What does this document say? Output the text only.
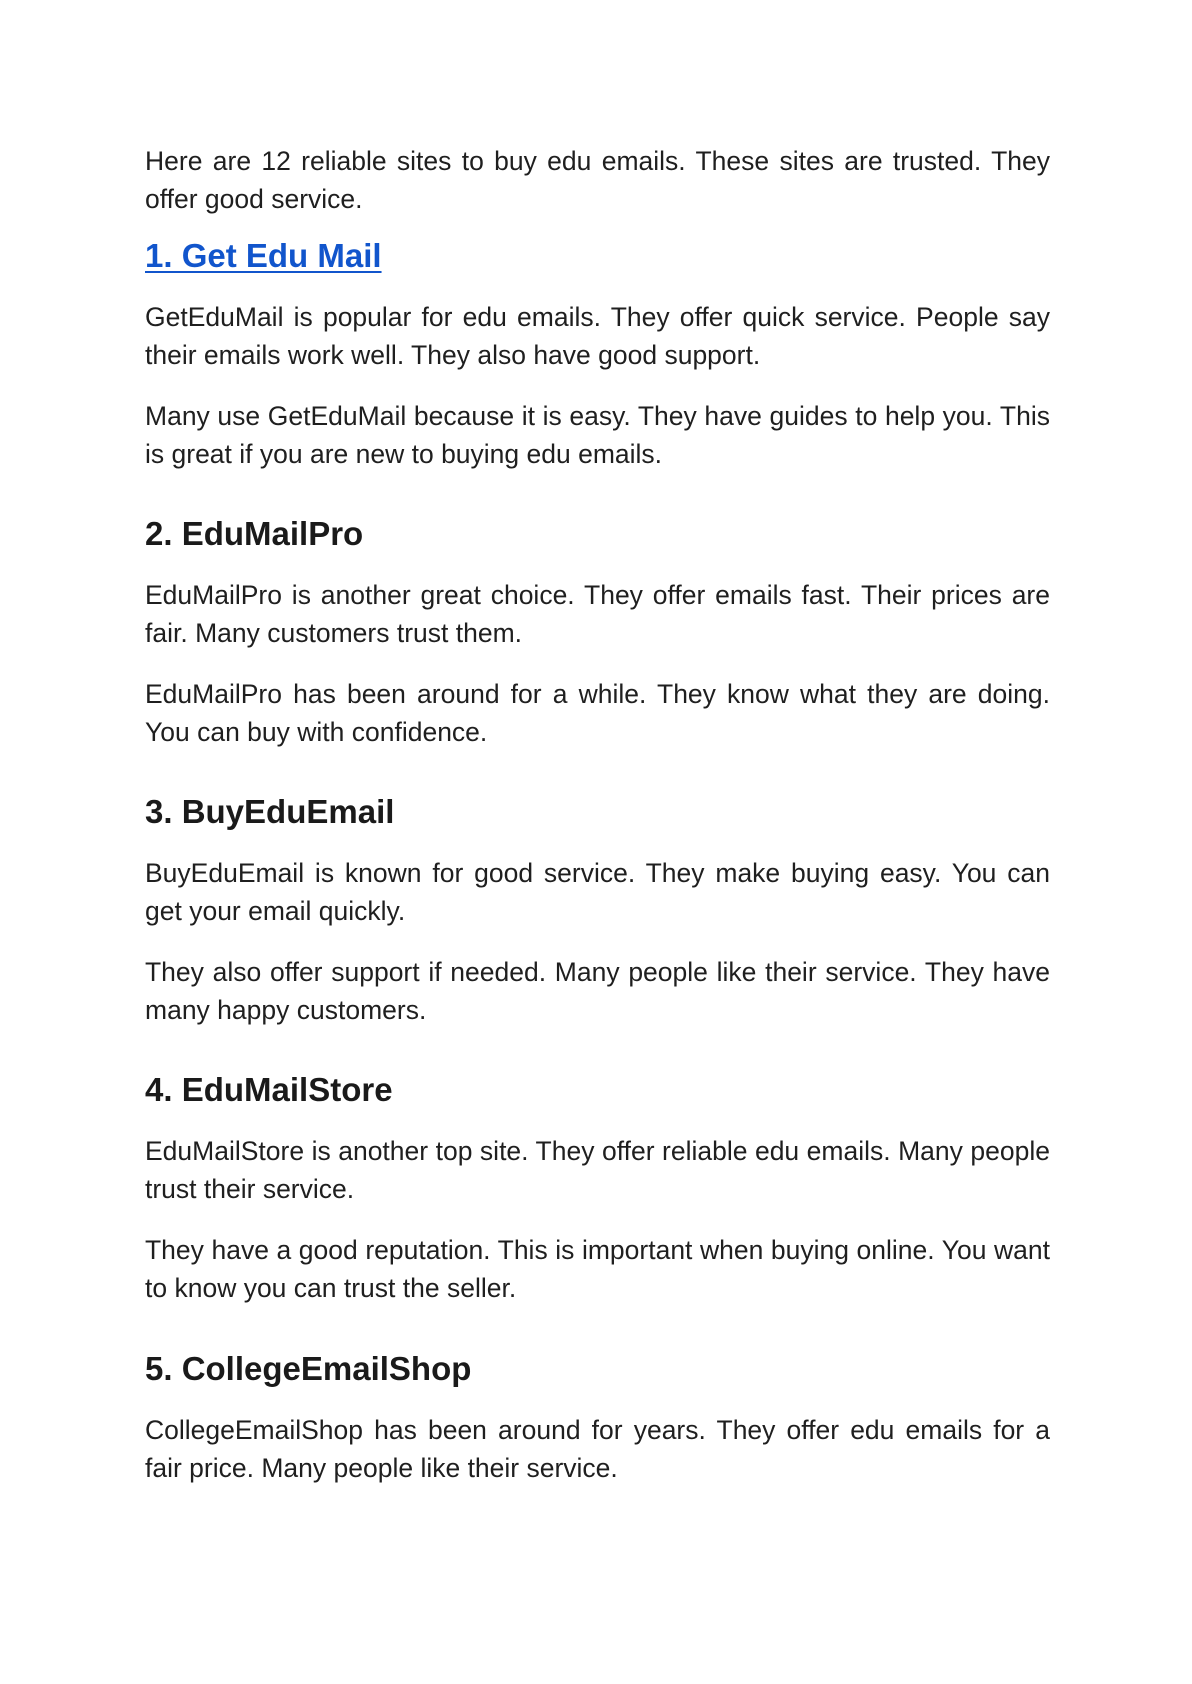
Here are 12 reliable sites to buy edu emails. These sites are trusted. They offer good service.

1. Get Edu Mail

GetEduMail is popular for edu emails. They offer quick service. People say their emails work well. They also have good support.

Many use GetEduMail because it is easy. They have guides to help you. This is great if you are new to buying edu emails.

2. EduMailPro

EduMailPro is another great choice. They offer emails fast. Their prices are fair. Many customers trust them.

EduMailPro has been around for a while. They know what they are doing. You can buy with confidence.

3. BuyEduEmail

BuyEduEmail is known for good service. They make buying easy. You can get your email quickly.

They also offer support if needed. Many people like their service. They have many happy customers.

4. EduMailStore

EduMailStore is another top site. They offer reliable edu emails. Many people trust their service.

They have a good reputation. This is important when buying online. You want to know you can trust the seller.

5. CollegeEmailShop

CollegeEmailShop has been around for years. They offer edu emails for a fair price. Many people like their service.
